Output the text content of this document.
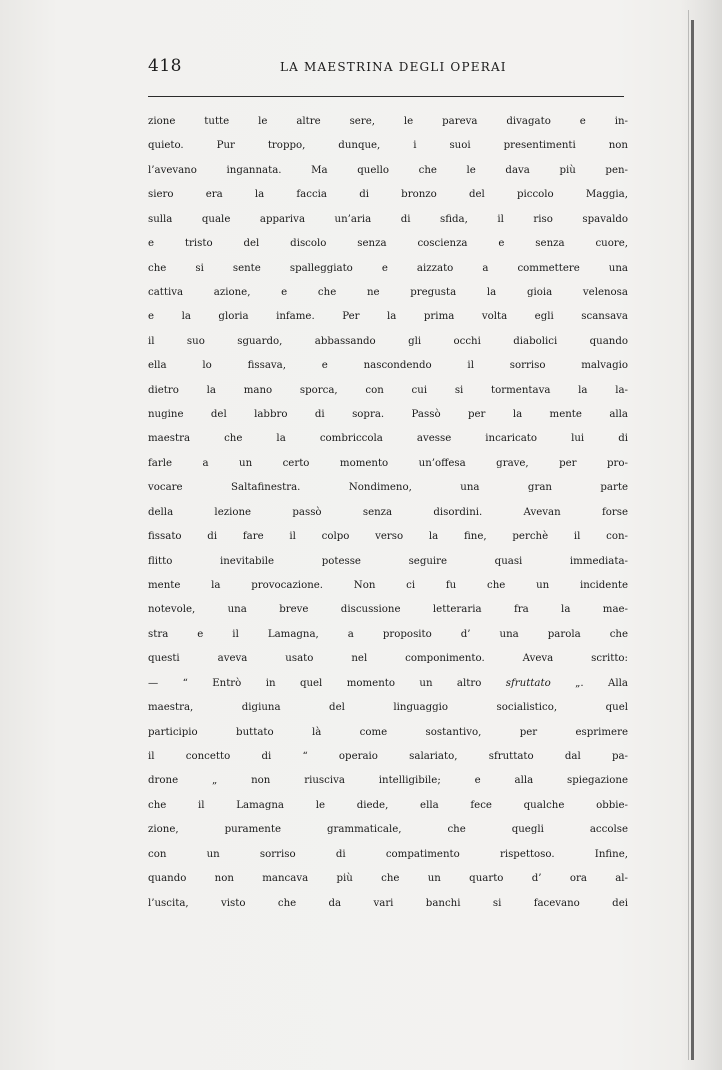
418	LA MAESTRINA DEGLI OPERAI
zione tutte le altre sere, le pareva divagato e in-
quieto. Pur troppo, dunque, i suoi presentimenti non
l’avevano ingannata. Ma quello che le dava più pen-
siero era la faccia di bronzo del piccolo Maggia,
sulla quale appariva un’aria di sfida, il riso spavaldo
e tristo del discolo senza coscienza e senza cuore,
che si sente spalleggiato e aizzato a commettere una
cattiva azione, e che ne pregusta la gioia velenosa
e la gloria infame. Per la prima volta egli scansava
il suo sguardo, abbassando gli occhi diabolici quando
ella lo fissava, e nascondendo il sorriso malvagio
dietro la mano sporca, con cui si tormentava la la-
nugine del labbro di sopra. Passò per la mente alla
maestra che la combriccola avesse incaricato lui di
farle a un certo momento un’offesa grave, per pro-
vocare Saltafinestra. Nondimeno, una gran parte
della lezione passò senza disordini. Avevan forse
fissato di fare il colpo verso la fine, perchè il con-
flitto inevitabile potesse seguire quasi immediata-
mente la provocazione. Non ci fu che un incidente
notevole, una breve discussione letteraria fra la mae-
stra e il Lamagna, a proposito d’ una parola che
questi aveva usato nel componimento. Aveva scritto:
— “ Entrò in quel momento un altro sfruttato „. Alla
maestra, digiuna del linguaggio socialistico, quel
participio buttato là come sostantivo, per esprimere
il concetto di “ operaio salariato, sfruttato dal pa-
drone „ non riusciva intelligibile; e alla spiegazione
che il Lamagna le diede, ella fece qualche obbie-
zione, puramente grammaticale, che quegli accolse
con un sorriso di compatimento rispettoso. Infine,
quando non mancava più che un quarto d’ ora al-
l’uscita, visto che da vari banchi si facevano dei
